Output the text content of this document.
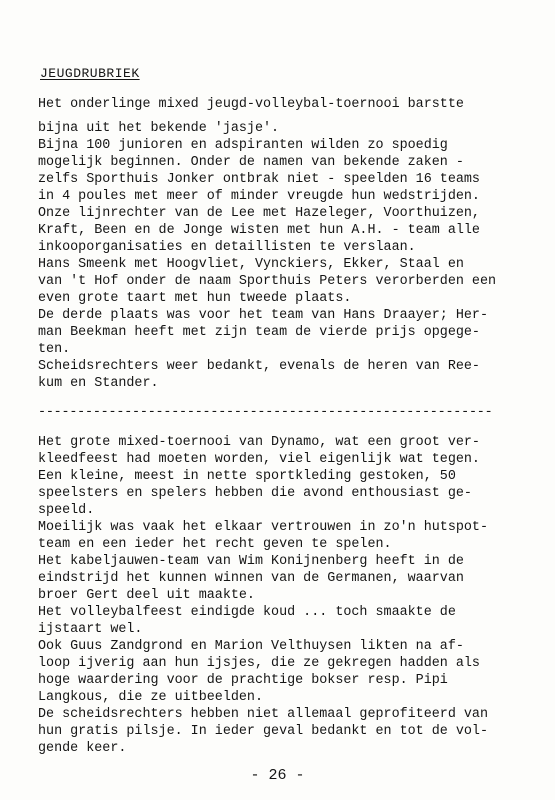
JEUGDRUBRIEK
Het onderlinge mixed jeugd-volleybal-toernooi barstte
bijna uit het bekende 'jasje'.
Bijna 100 junioren en adspiranten wilden zo spoedig
mogelijk beginnen. Onder de namen van bekende zaken -
zelfs Sporthuis Jonker ontbrak niet - speelden 16 teams
in 4 poules met meer of minder vreugde hun wedstrijden.
Onze lijnrechter van de Lee met Hazeleger, Voorthuizen,
Kraft, Been en de Jonge wisten met hun A.H. - team alle
inkooporganisaties en detaillisten te verslaan.
Hans Smeenk met Hoogvliet, Vynckiers, Ekker, Staal en
van 't Hof onder de naam Sporthuis Peters verorberden een
even grote taart met hun tweede plaats.
De derde plaats was voor het team van Hans Draayer; Her-
man Beekman heeft met zijn team de vierde prijs opgege-
ten.
Scheidsrechters weer bedankt, evenals de heren van Ree-
kum en Stander.
----------------------------------------------------------
Het grote mixed-toernooi van Dynamo, wat een groot ver-
kleedfeest had moeten worden, viel eigenlijk wat tegen.
Een kleine, meest in nette sportkleding gestoken, 50
speelsters en spelers hebben die avond enthousiast ge-
speeld.
Moeilijk was vaak het elkaar vertrouwen in zo'n hutspot-
team en een ieder het recht geven te spelen.
Het kabeljauwen-team van Wim Konijnenberg heeft in de
eindstrijd het kunnen winnen van de Germanen, waarvan
broer Gert deel uit maakte.
Het volleybalfeest eindigde koud ... toch smaakte de
ijstaart wel.
Ook Guus Zandgrond en Marion Velthuysen likten na af-
loop ijverig aan hun ijsjes, die ze gekregen hadden als
hoge waardering voor de prachtige bokser resp. Pipi
Langkous, die ze uitbeelden.
De scheidsrechters hebben niet allemaal geprofiteerd van
hun gratis pilsje. In ieder geval bedankt en tot de vol-
gende keer.
- 26 -
